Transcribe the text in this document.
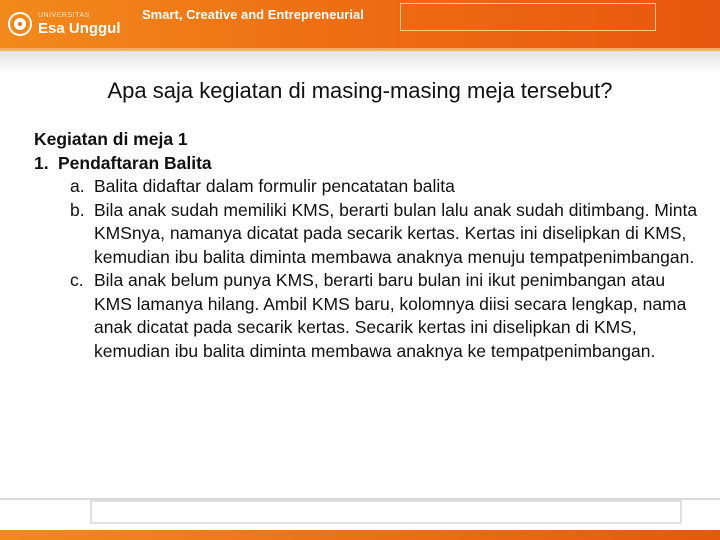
UNIVERSITAS
Esa Unggul
Smart, Creative and Entrepreneurial
Apa saja kegiatan di masing-masing meja tersebut?

Kegiatan di meja 1

1. Pendaftaran Balita
a. Balita didaftar dalam formulir pencatatan balita
b. Bila anak sudah memiliki KMS, berarti bulan lalu anak sudah ditimbang. Minta KMSnya, namanya dicatat pada secarik kertas. Kertas ini diselipkan di KMS, kemudian ibu balita diminta membawa anaknya menuju tempatpenimbangan.
c. Bila anak belum punya KMS, berarti baru bulan ini ikut penimbangan atau KMS lamanya hilang. Ambil KMS baru, kolomnya diisi secara lengkap, nama anak dicatat pada secarik kertas. Secarik kertas ini diselipkan di KMS, kemudian ibu balita diminta membawa anaknya ke tempatpenimbangan.
